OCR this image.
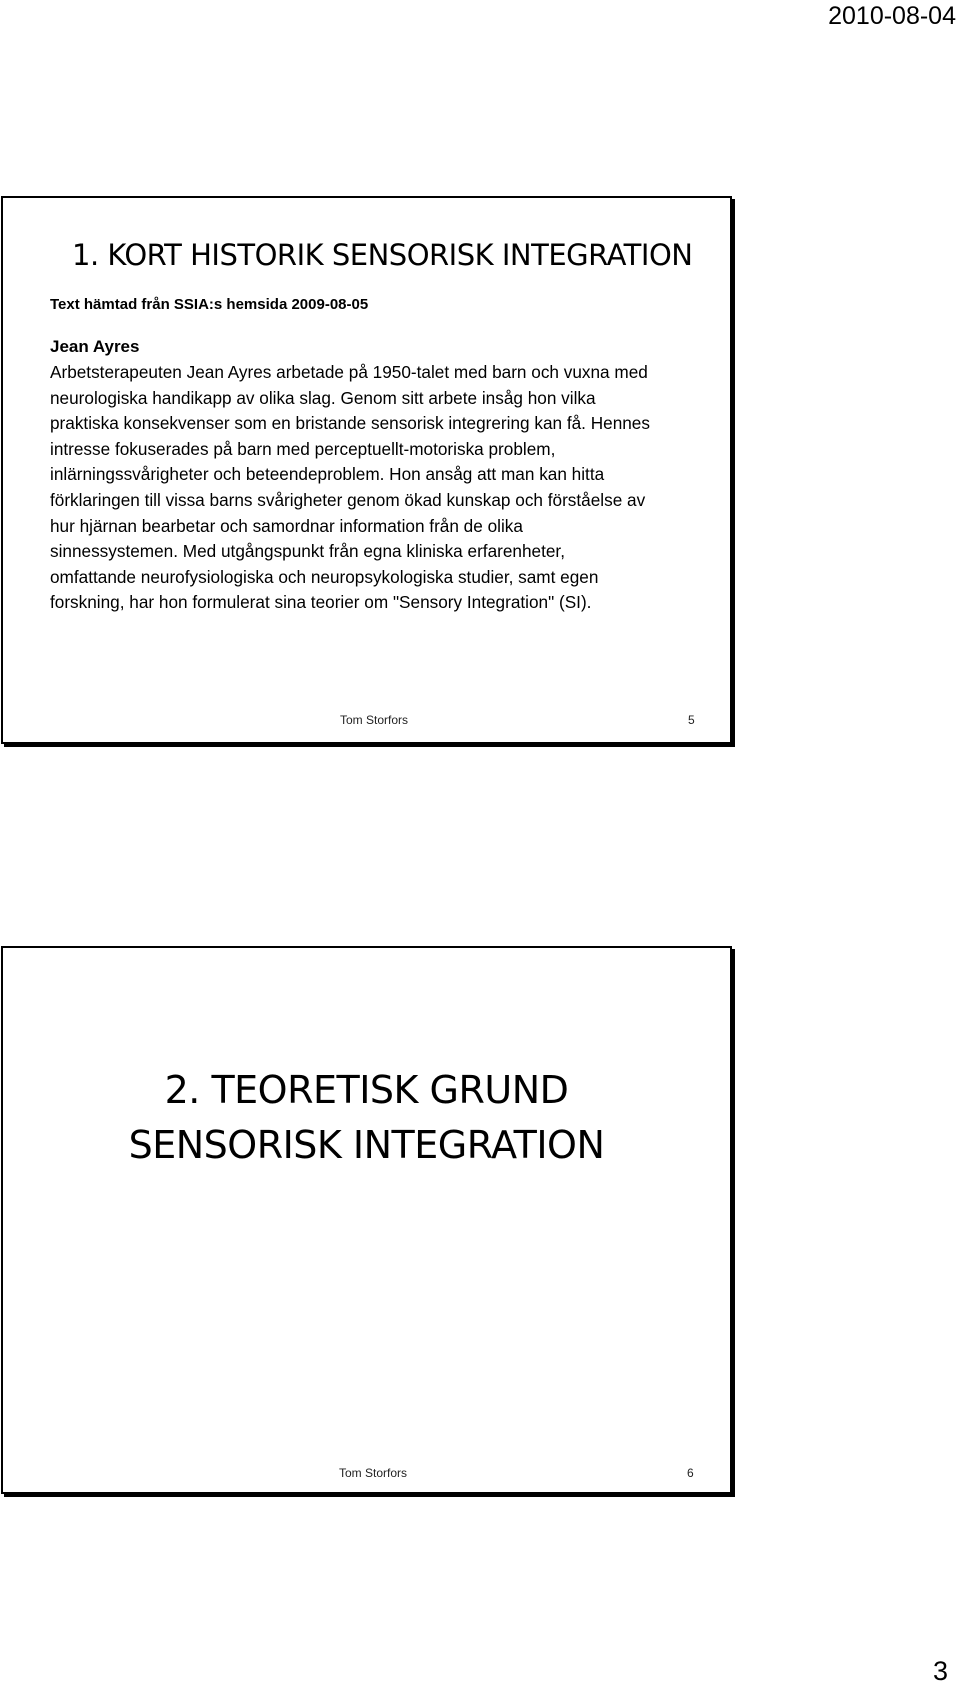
2010-08-04
1. KORT HISTORIK SENSORISK INTEGRATION

Text hämtad från SSIA:s hemsida 2009-08-05

Jean Ayres

Arbetsterapeuten Jean Ayres arbetade på 1950-talet med barn och vuxna med
neurologiska handikapp av olika slag. Genom sitt arbete insåg hon vilka
praktiska konsekvenser som en bristande sensorisk integrering kan få. Hennes
intresse fokuserades på barn med perceptuellt-motoriska problem,
inlärningssvårigheter och beteendeproblem. Hon ansåg att man kan hitta
förklaringen till vissa barns svårigheter genom ökad kunskap och förståelse av
hur hjärnan bearbetar och samordnar information från de olika
sinnessystemen. Med utgångspunkt från egna kliniska erfarenheter,
omfattande neurofysiologiska och neuropsykologiska studier, samt egen
forskning, har hon formulerat sina teorier om "Sensory Integration" (SI).

Tom Storfors	5
2. TEORETISK GRUND
SENSORISK INTEGRATION
Tom Storfors	6
3
